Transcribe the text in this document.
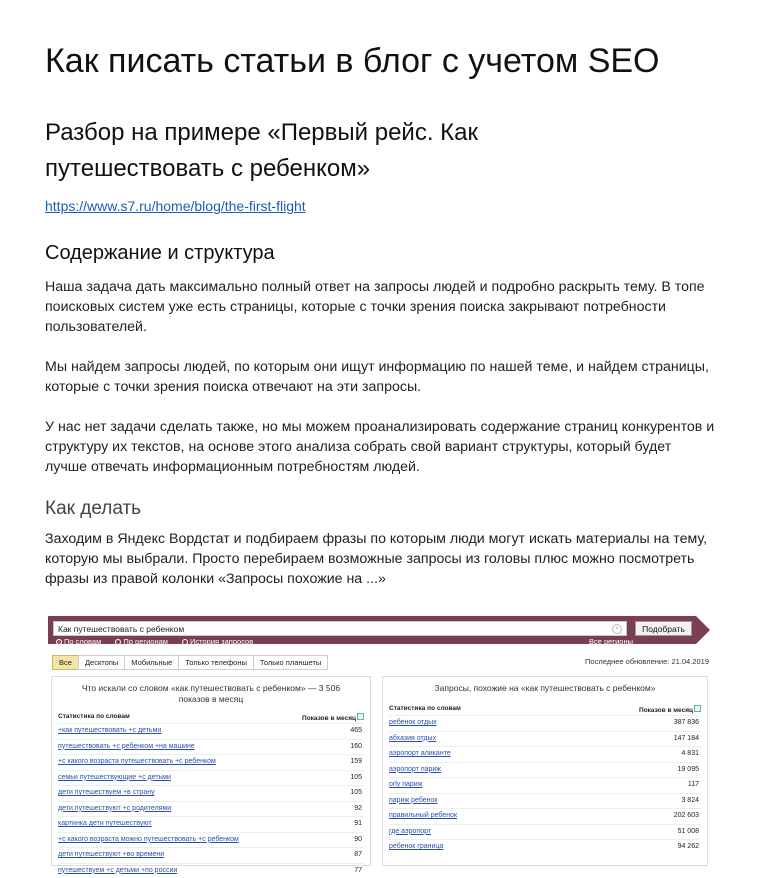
Как писать статьи в блог с учетом SEO
Разбор на примере «Первый рейс. Как путешествовать с ребенком»
https://www.s7.ru/home/blog/the-first-flight
Содержание и структура
Наша задача дать максимально полный ответ на запросы людей и подробно раскрыть тему. В топе поисковых систем уже есть страницы, которые с точки зрения поиска закрывают потребности пользователей.
Мы найдем запросы людей, по которым они ищут информацию по нашей теме, и найдем страницы, которые с точки зрения поиска отвечают на эти запросы.
У нас нет задачи сделать также, но мы можем проанализировать содержание страниц конкурентов и структуру их текстов, на основе этого анализа собрать свой вариант структуры, который будет лучше отвечать информационным потребностям людей.
Как делать
Заходим в Яндекс Вордстат и подбираем фразы по которым люди могут искать материалы на тему, которую мы выбрали. Просто перебираем возможные запросы из головы плюс можно посмотреть фразы из правой колонки «Запросы похожие на ...»
Как путешествовать с ребенком	×	Подобрать
По словам	По регионам	История запросов	Все регионы
Все Десктопы Мобильные Только телефоны Только планшеты	Последнее обновление: 21.04.2019
Что искали со словом «как путешествовать с ребенком» — 3 506 показов в месяц
Статистика по словам	Показов в месяц
+как путешествовать +с детьми	465
путешествовать +с ребенком +на машине	160
+с какого возраста путешествовать +с ребенком	159
семьи путешествующие +с детьми	105
дети путешествуем +в страну	105
дети путешествуют +с родителями	92
картинка дети путешествуют	91
+с какого возраста можно путешествовать +с ребенком	90
дети путешествуют +во времени	87
путешествуем +с детьми +по россии	77
Запросы, похожие на «как путешествовать с ребенком»
Статистика по словам	Показов в месяц
ребенок отдых	387 836
абхазия отдых	147 184
аэропорт аликанте	4 831
аэропорт париж	19 095
orly париж	117
париж ребенок	3 824
правильный ребенок	202 603
где аэропорт	51 008
ребенок граница	94 262
